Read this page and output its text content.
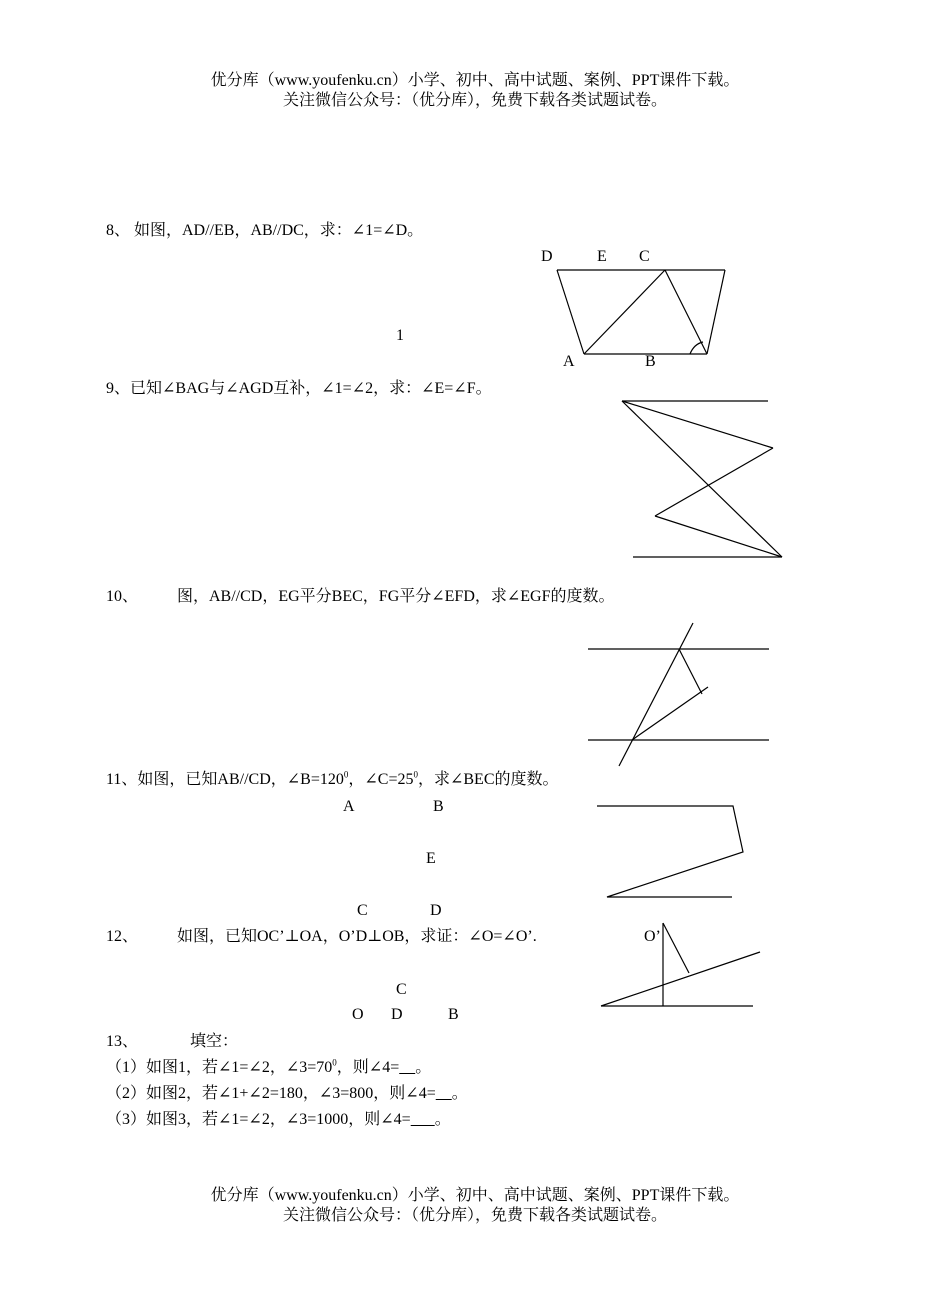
优分库（www.youfenku.cn）小学、初中、高中试题、案例、PPT课件下载。
关注微信公众号：（优分库），免费下载各类试题试卷。
8、 如图，AD//EB，AB//DC，求：∠1=∠D。
D	E C
1
A	B
9、已知∠BAG与∠AGD互补，∠1=∠2，求：∠E=∠F。
10、 图，AB//CD，EG平分BEC，FG平分∠EFD，求∠EGF的度数。
11、如图，已知AB//CD，$\angle B=120^0$，$\angle C=25^0$，求∠BEC的度数。
A	B
E
C	D
12、 如图，已知OC’⊥OA，O’D⊥OB，求证：∠O=∠O’.	O’
C
O D	B
13、	填空：
（1）如图1，若∠1=∠2，$\angle 3=70^0$，则∠4= 。
（2）如图2，若∠1+∠2=180，∠3=800，则∠4= 。
（3）如图3，若∠1=∠2，∠3=1000，则∠4= 。
优分库（www.youfenku.cn）小学、初中、高中试题、案例、PPT课件下载。
关注微信公众号：（优分库），免费下载各类试题试卷。
